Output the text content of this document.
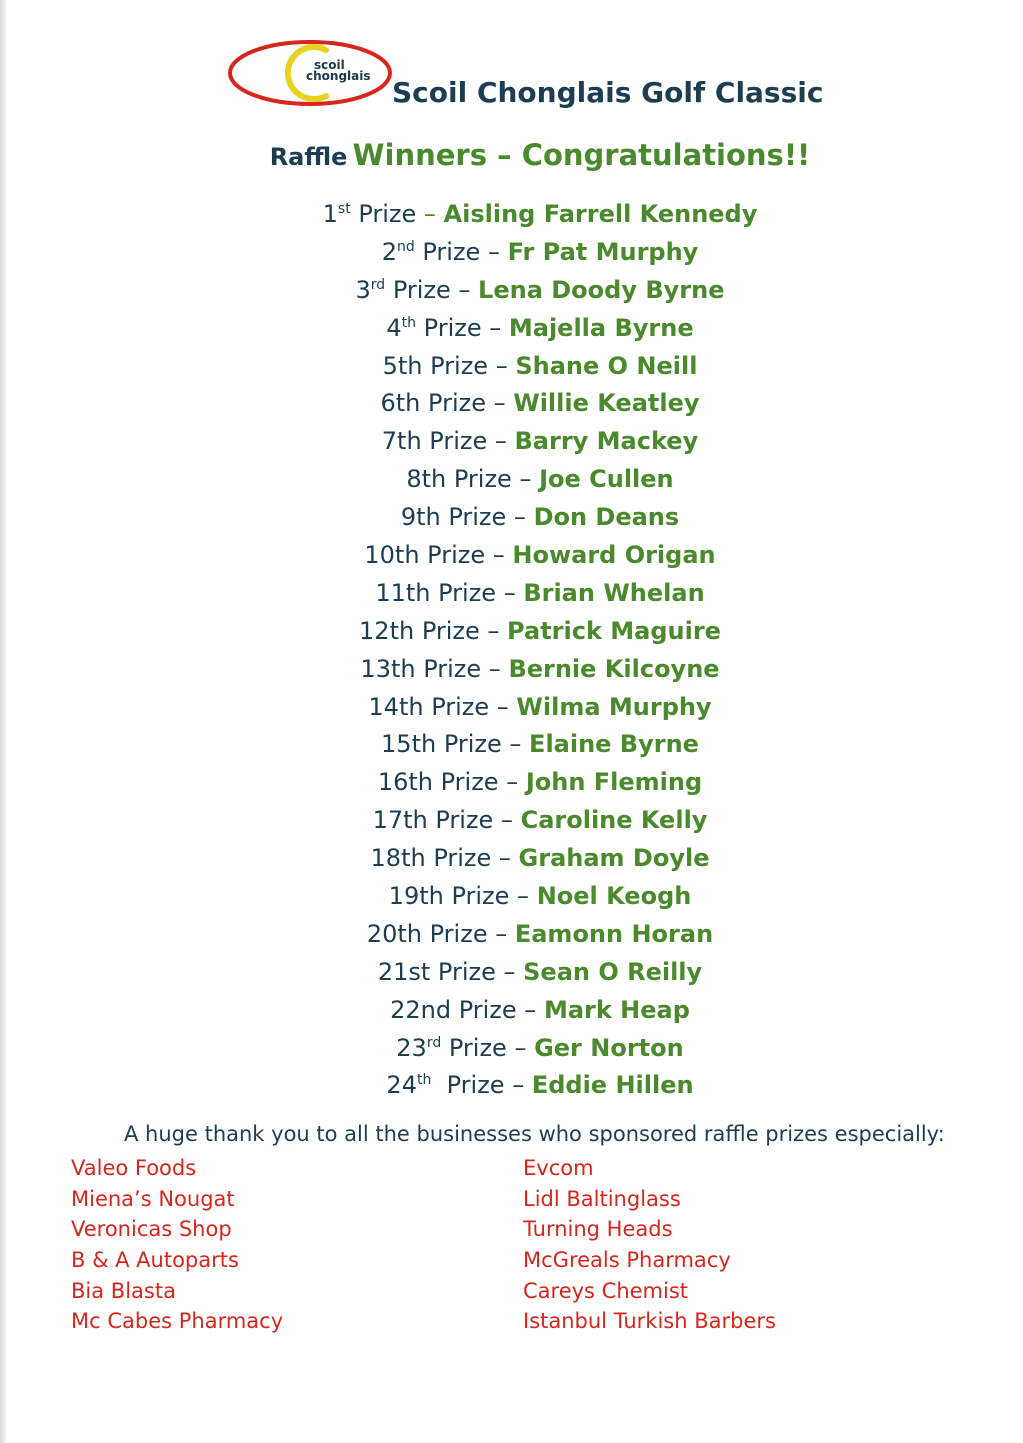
scoil
chonglais Scoil Chonglais Golf Classic
Raffle Winners – Congratulations!!
1st Prize – Aisling Farrell Kennedy
2nd Prize – Fr Pat Murphy
3rd Prize – Lena Doody Byrne
4th Prize – Majella Byrne
5th Prize – Shane O Neill
6th Prize – Willie Keatley
7th Prize – Barry Mackey
8th Prize – Joe Cullen
9th Prize – Don Deans
10th Prize – Howard Origan
11th Prize – Brian Whelan
12th Prize – Patrick Maguire
13th Prize – Bernie Kilcoyne
14th Prize – Wilma Murphy
15th Prize – Elaine Byrne
16th Prize – John Fleming
17th Prize – Caroline Kelly
18th Prize – Graham Doyle
19th Prize – Noel Keogh
20th Prize – Eamonn Horan
21st Prize – Sean O Reilly
22nd Prize – Mark Heap
23rd Prize – Ger Norton
24th  Prize – Eddie Hillen
A huge thank you to all the businesses who sponsored raffle prizes especially:
Valeo Foods
Miena’s Nougat
Veronicas Shop
B & A Autoparts
Bia Blasta
Mc Cabes Pharmacy
Evcom
Lidl Baltinglass
Turning Heads
McGreals Pharmacy
Careys Chemist
Istanbul Turkish Barbers
